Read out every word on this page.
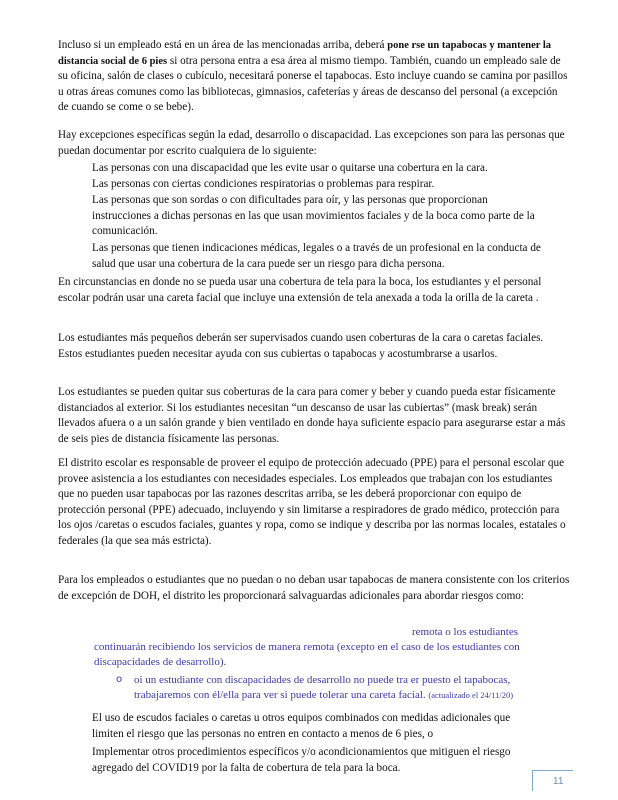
Incluso si un empleado está en un área de las mencionadas arriba, deberá pone rse un tapabocas y mantener la distancia social de 6 pies si otra persona entra a esa área al mismo tiempo. También, cuando un empleado sale de su oficina, salón de clases o cubículo, necesitará ponerse el tapabocas. Esto incluye cuando se camina por pasillos u otras áreas comunes como las bibliotecas, gimnasios, cafeterías y áreas de descanso del personal (a excepción de cuando se come o se bebe).

Hay excepciones específicas según la edad, desarrollo o discapacidad. Las excepciones son para las personas que puedan documentar por escrito cualquiera de lo siguiente:

Las personas con una discapacidad que les evite usar o quitarse una cobertura en la cara.
Las personas con ciertas condiciones respiratorias o problemas para respirar.
Las personas que son sordas o con dificultades para oír, y las personas que proporcionan instrucciones a dichas personas en las que usan movimientos faciales y de la boca como parte de la comunicación.
Las personas que tienen indicaciones médicas, legales o a través de un profesional en la conducta de salud que usar una cobertura de la cara puede ser un riesgo para dicha persona.

En circunstancias en donde no se pueda usar una cobertura de tela para la boca, los estudiantes y el personal escolar podrán usar una careta facial que incluye una extensión de tela anexada a toda la orilla de la careta .

Los estudiantes más pequeños deberán ser supervisados cuando usen coberturas de la cara o caretas faciales. Estos estudiantes pueden necesitar ayuda con sus cubiertas o tapabocas y acostumbrarse a usarlos.

Los estudiantes se pueden quitar sus coberturas de la cara para comer y beber y cuando pueda estar físicamente distanciados al exterior. Si los estudiantes necesitan “un descanso de usar las cubiertas” (mask break) serán llevados afuera o a un salón grande y bien ventilado en donde haya suficiente espacio para asegurarse estar a más de seis pies de distancia físicamente las personas.

El distrito escolar es responsable de proveer el equipo de protección adecuado (PPE) para el personal escolar que provee asistencia a los estudiantes con necesidades especiales. Los empleados que trabajan con los estudiantes que no pueden usar tapabocas por las razones descritas arriba, se les deberá proporcionar con equipo de protección personal (PPE) adecuado, incluyendo y sin limitarse a respiradores de grado médico, protección para los ojos /caretas o escudos faciales, guantes y ropa, como se indique y describa por las normas locales, estatales o federales (la que sea más estricta).

Para los empleados o estudiantes que no puedan o no deban usar tapabocas de manera consistente con los criterios de excepción de DOH, el distrito les proporcionará salvaguardas adicionales para abordar riesgos como:

remota o los estudiantes

continuarán recibiendo los servicios de manera remota (excepto en el caso de los estudiantes con discapacidades de desarrollo).

o oi un estudiante con discapacidades de desarrollo no puede tra er puesto el tapabocas, trabajaremos con él/ella para ver si puede tolerar una careta facial. (actualizado el 24/11/20)

El uso de escudos faciales o caretas u otros equipos combinados con medidas adicionales que limiten el riesgo que las personas no entren en contacto a menos de 6 pies, o
Implementar otros procedimientos específicos y/o acondicionamientos que mitiguen el riesgo agregado del COVID19 por la falta de cobertura de tela para la boca.
11
